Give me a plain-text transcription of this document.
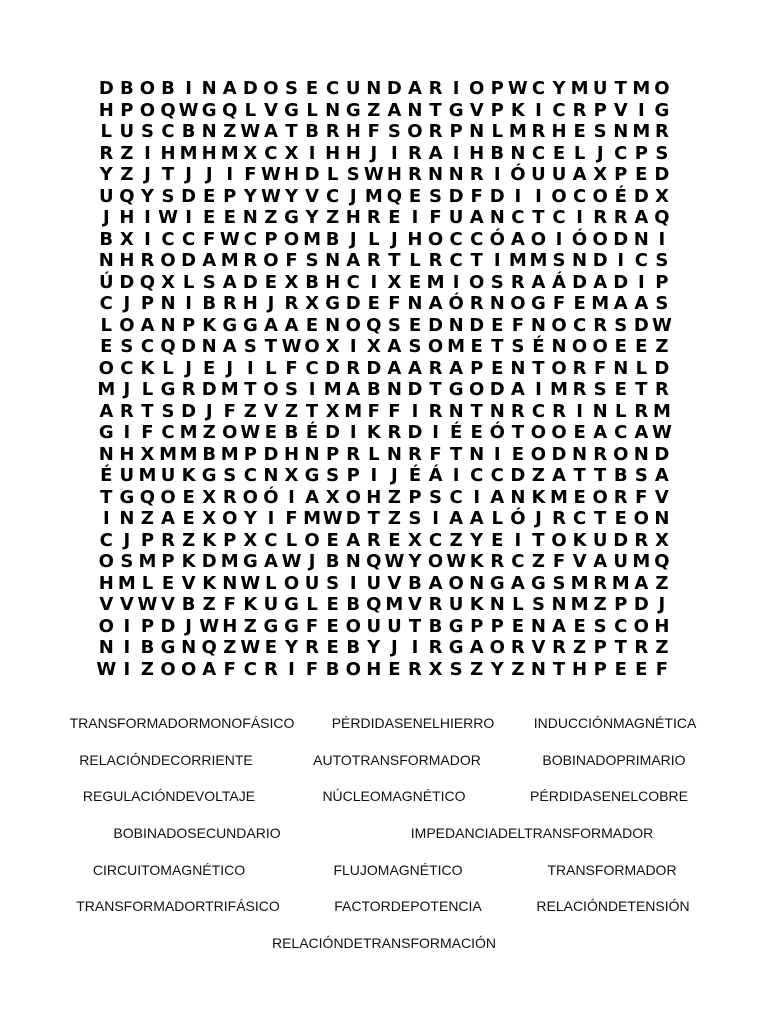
D B O B I N A D O S E C U N D A R I O P W C Y M U T M O
H P O Q W G Q L V G L N G Z A N T G V P K I C R P V I G
L U S C B N Z W A T B R H F S O R P N L M R H E S N M R
R Z I H M H M X C X I H H J I R A I H B N C E L J C P S
Y Z J T J J I F W H D L S W H R N N R I Ó U U A X P E D
U Q Y S D E P Y W Y V C J M Q E S D F D I I O C O É D X
J H I W I E E N Z G Y Z H R E I F U A N C T C I R R A Q
B X I C C F W C P O M B J L J H O C C Ó A O I Ó O D N I
N H R O D A M R O F S N A R T L R C T I M M S N D I C S
Ú D Q X L S A D E X B H C I X E M I O S R A Á D A D I P
C J P N I B R H J R X G D E F N A Ó R N O G F E M A A S
L O A N P K G G A A E N O Q S E D N D E F N O C R S D W
E S C Q D N A S T W O X I X A S O M E T S É N O O E E Z
O C K L J E J I L F C D R D A A R A P E N T O R F N L D
M J L G R D M T O S I M A B N D T G O D A I M R S E T R
A R T S D J F Z V Z T X M F F I R N T N R C R I N L R M
G I F C M Z O W E B É D I K R D I É E Ó T O O E A C A W
N H X M M B M P D H N P R L N R F T N I E O D N R O N D
É U M U K G S C N X G S P I J É Á I C C D Z A T T B S A
T G Q O E X R O Ó I A X O H Z P S C I A N K M E O R F V
I N Z A E X O Y I F M W D T Z S I A A L Ó J R C T E O N
C J P R Z K P X C L O E A R E X C Z Y E I T O K U D R X
O S M P K D M G A W J B N Q W Y O W K R C Z F V A U M Q
H M L E V K N W L O U S I U V B A O N G A G S M R M A Z
V V W V B Z F K U G L E B Q M V R U K N L S N M Z P D J
O I P D J W H Z G G F E O U U T B G P P E N A E S C O H
N I B G N Q Z W E Y R E B Y J I R G A O R V R Z P T R Z
W I Z O O A F C R I F B O H E R X S Z Y Z N T H P E E F
TRANSFORMADORMONOFÁSICO	PÉRDIDASENELHIERRO	INDUCCIÓNMAGNÉTICA
RELACIÓNDECORRIENTE	AUTOTRANSFORMADOR	BOBINADOPRIMARIO
REGULACIÓNDEVOLTAJE	NÚCLEOMAGNÉTICO	PÉRDIDASENELCOBRE
BOBINADOSECUNDARIO	IMPEDANCIADELTRANSFORMADOR
CIRCUITOMAGNÉTICO	FLUJOMAGNÉTICO	TRANSFORMADOR
TRANSFORMADORTRIFÁSICO	FACTORDEPOTENCIA	RELACIÓNDETENSIÓN
RELACIÓNDETRANSFORMACIÓN
